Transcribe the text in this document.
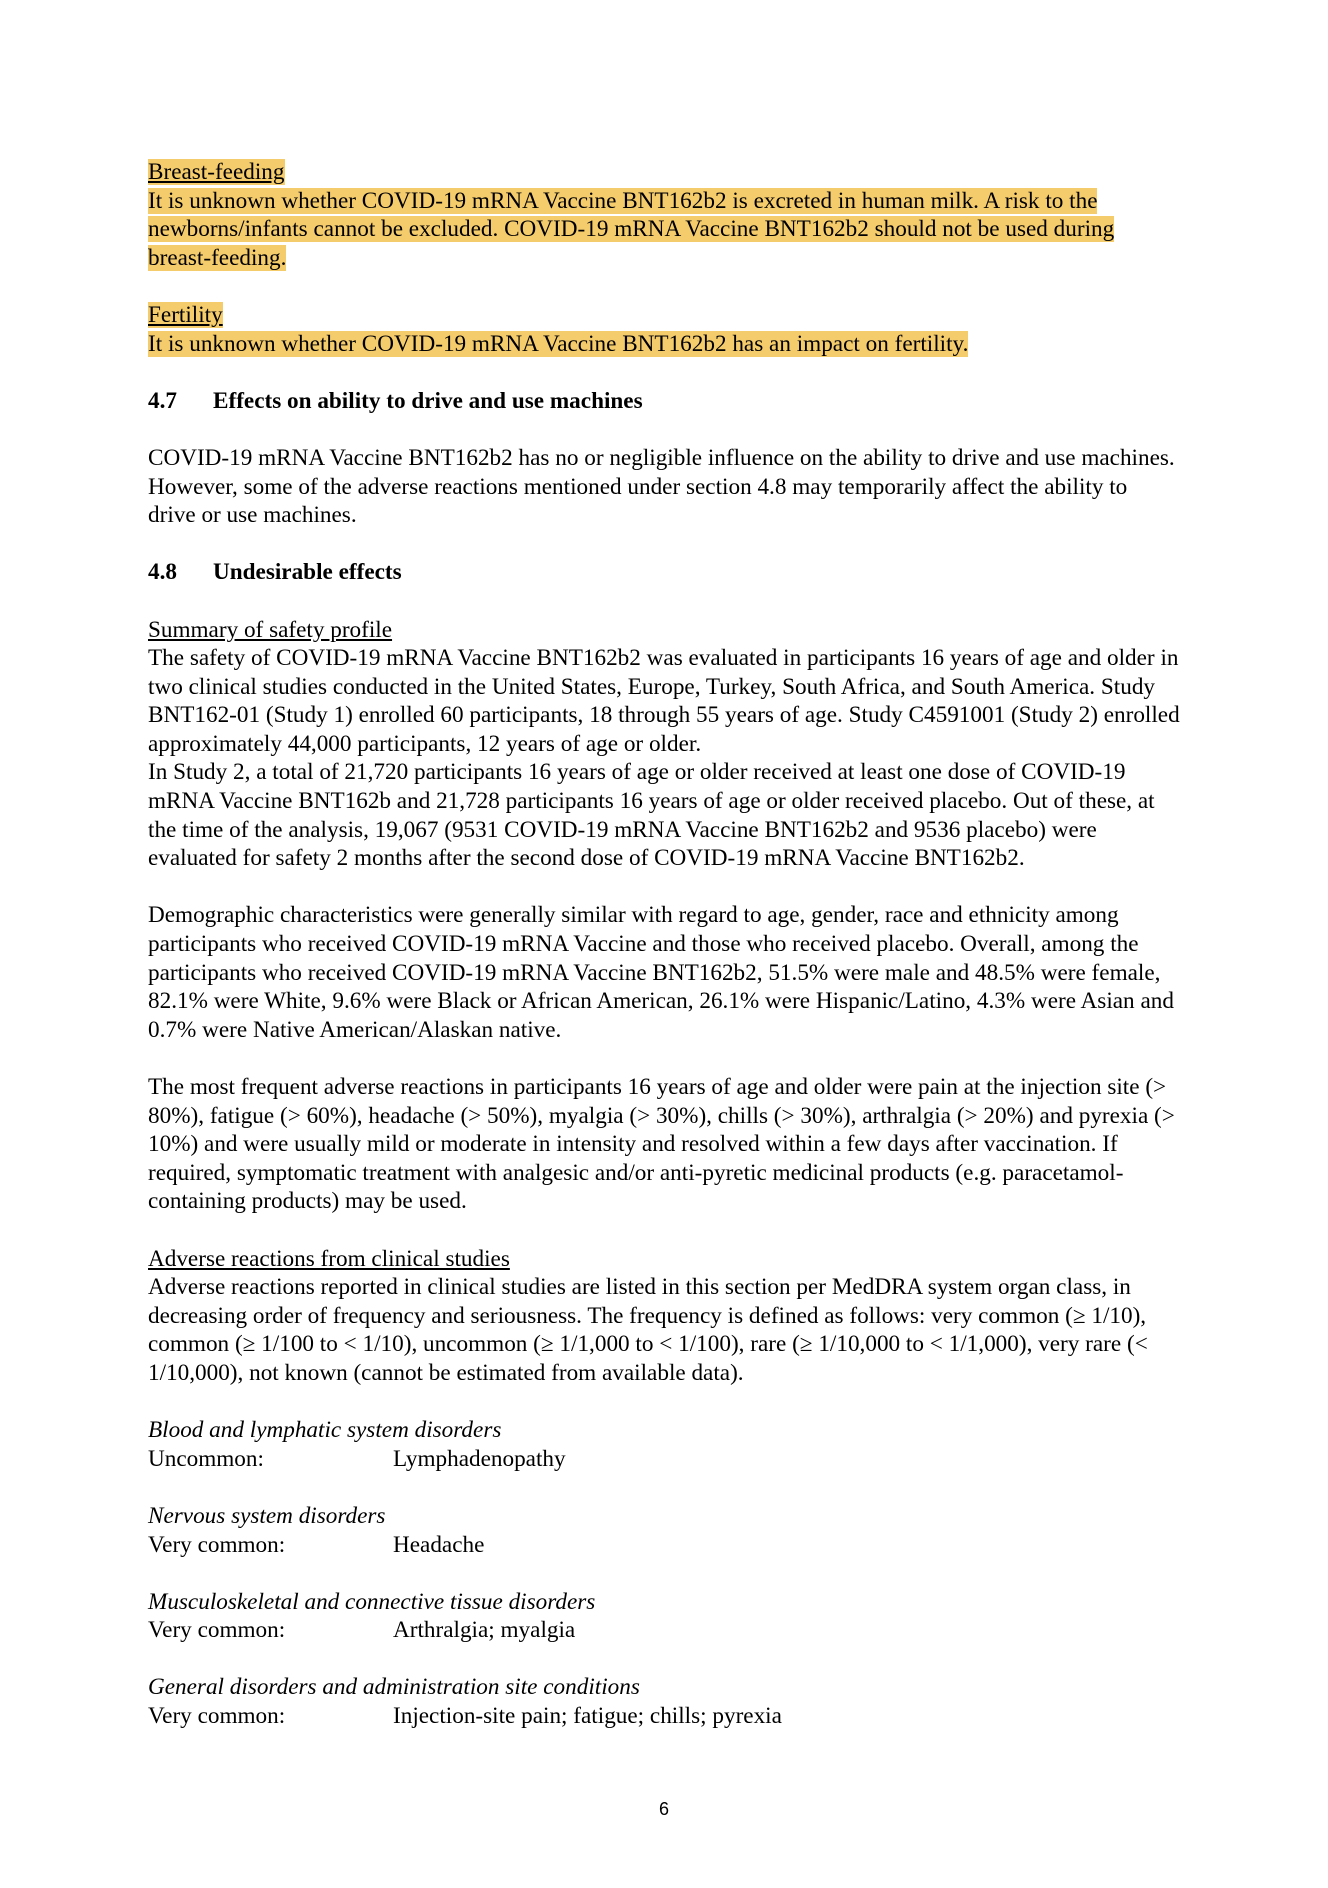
Breast-feeding

It is unknown whether COVID-19 mRNA Vaccine BNT162b2 is excreted in human milk. A risk to the newborns/infants cannot be excluded. COVID-19 mRNA Vaccine BNT162b2 should not be used during breast-feeding.

Fertility

It is unknown whether COVID-19 mRNA Vaccine BNT162b2 has an impact on fertility.

4.7	Effects on ability to drive and use machines

COVID-19 mRNA Vaccine BNT162b2 has no or negligible influence on the ability to drive and use machines. However, some of the adverse reactions mentioned under section 4.8 may temporarily affect the ability to drive or use machines.

4.8	Undesirable effects

Summary of safety profile

The safety of COVID-19 mRNA Vaccine BNT162b2 was evaluated in participants 16 years of age and older in two clinical studies conducted in the United States, Europe, Turkey, South Africa, and South America. Study BNT162-01 (Study 1) enrolled 60 participants, 18 through 55 years of age. Study C4591001 (Study 2) enrolled approximately 44,000 participants, 12 years of age or older.

In Study 2, a total of 21,720 participants 16 years of age or older received at least one dose of COVID-19 mRNA Vaccine BNT162b and 21,728 participants 16 years of age or older received placebo. Out of these, at the time of the analysis, 19,067 (9531 COVID-19 mRNA Vaccine BNT162b2 and 9536 placebo) were evaluated for safety 2 months after the second dose of COVID-19 mRNA Vaccine BNT162b2.

Demographic characteristics were generally similar with regard to age, gender, race and ethnicity among participants who received COVID-19 mRNA Vaccine and those who received placebo. Overall, among the participants who received COVID-19 mRNA Vaccine BNT162b2, 51.5% were male and 48.5% were female, 82.1% were White, 9.6% were Black or African American, 26.1% were Hispanic/Latino, 4.3% were Asian and 0.7% were Native American/Alaskan native.

The most frequent adverse reactions in participants 16 years of age and older were pain at the injection site (> 80%), fatigue (> 60%), headache (> 50%), myalgia (> 30%), chills (> 30%), arthralgia (> 20%) and pyrexia (> 10%) and were usually mild or moderate in intensity and resolved within a few days after vaccination. If required, symptomatic treatment with analgesic and/or anti-pyretic medicinal products (e.g. paracetamol-containing products) may be used.

Adverse reactions from clinical studies

Adverse reactions reported in clinical studies are listed in this section per MedDRA system organ class, in decreasing order of frequency and seriousness. The frequency is defined as follows: very common (≥ 1/10), common (≥ 1/100 to < 1/10), uncommon (≥ 1/1,000 to < 1/100), rare (≥ 1/10,000 to < 1/1,000), very rare (< 1/10,000), not known (cannot be estimated from available data).

Blood and lymphatic system disorders

Uncommon:	Lymphadenopathy

Nervous system disorders

Very common:	Headache

Musculoskeletal and connective tissue disorders

Very common:	Arthralgia; myalgia

General disorders and administration site conditions

Very common:	Injection-site pain; fatigue; chills; pyrexia
6
